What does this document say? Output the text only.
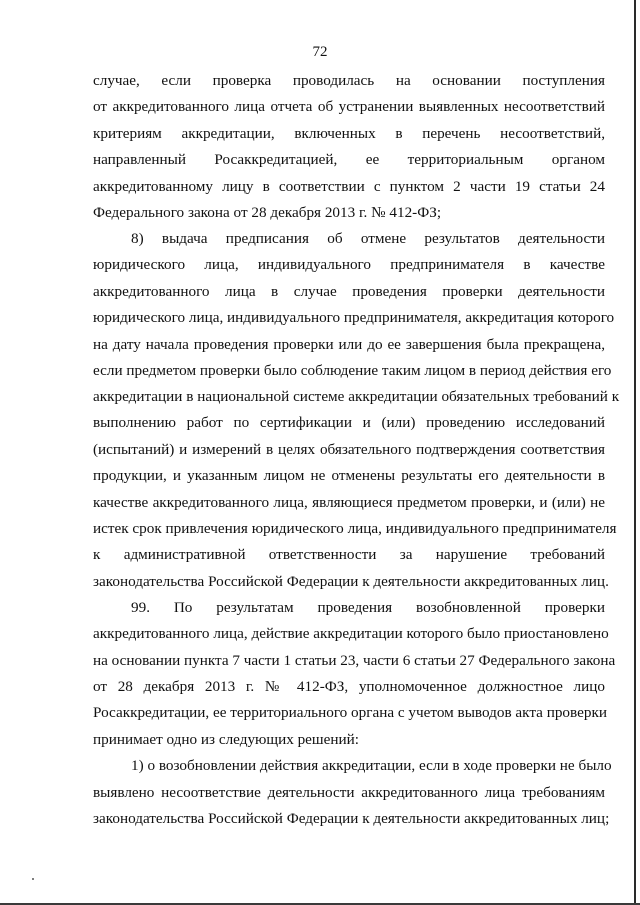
72
случае, если проверка проводилась на основании поступления
от аккредитованного лица отчета об устранении выявленных несоответствий
критериям аккредитации, включенных в перечень несоответствий,
направленный Росаккредитацией, ее территориальным органом
аккредитованному лицу в соответствии с пунктом 2 части 19 статьи 24
Федерального закона от 28 декабря 2013 г. № 412-ФЗ;
8) выдача предписания об отмене результатов деятельности
юридического лица, индивидуального предпринимателя в качестве
аккредитованного лица в случае проведения проверки деятельности
юридического лица, индивидуального предпринимателя, аккредитация которого
на дату начала проведения проверки или до ее завершения была прекращена,
если предметом проверки было соблюдение таким лицом в период действия его
аккредитации в национальной системе аккредитации обязательных требований к
выполнению работ по сертификации и (или) проведению исследований
(испытаний) и измерений в целях обязательного подтверждения соответствия
продукции, и указанным лицом не отменены результаты его деятельности в
качестве аккредитованного лица, являющиеся предметом проверки, и (или) не
истек срок привлечения юридического лица, индивидуального предпринимателя
к административной ответственности за нарушение требований
законодательства Российской Федерации к деятельности аккредитованных лиц.
99. По результатам проведения возобновленной проверки
аккредитованного лица, действие аккредитации которого было приостановлено
на основании пункта 7 части 1 статьи 23, части 6 статьи 27 Федерального закона
от 28 декабря 2013 г. № 412-ФЗ, уполномоченное должностное лицо
Росаккредитации, ее территориального органа с учетом выводов акта проверки
принимает одно из следующих решений:
1) о возобновлении действия аккредитации, если в ходе проверки не было
выявлено несоответствие деятельности аккредитованного лица требованиям
законодательства Российской Федерации к деятельности аккредитованных лиц;
